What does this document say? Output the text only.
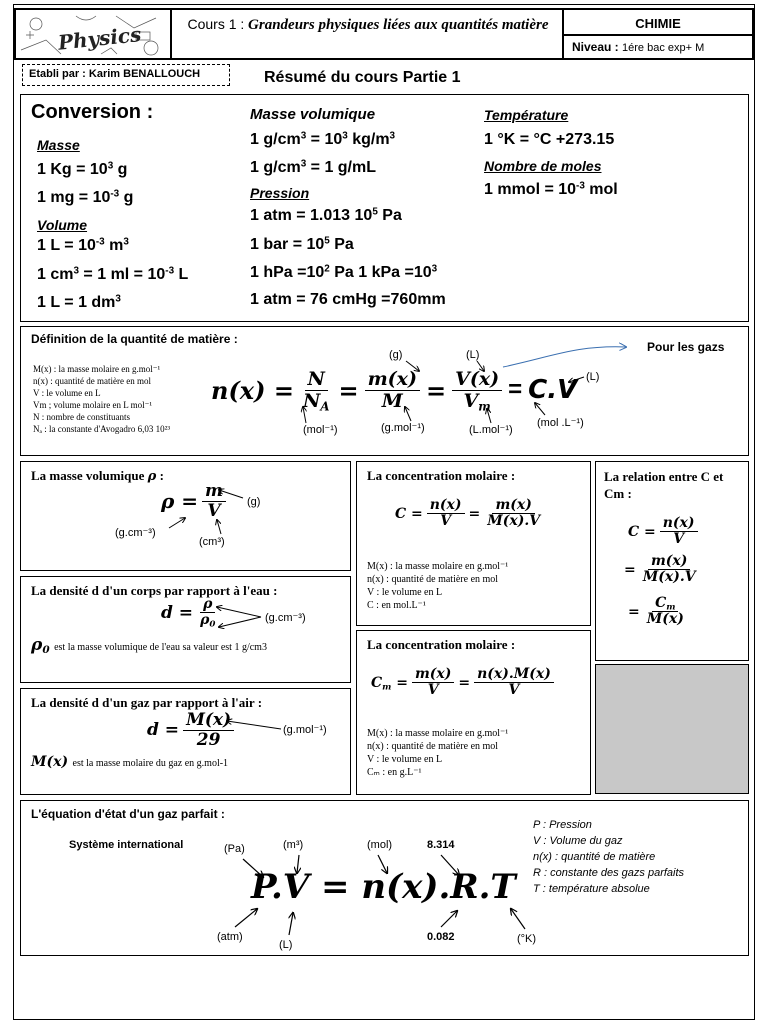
Physics	Cours 1 : Grandeurs physiques liées aux quantités matière	CHIMIE
Niveau : 1ére bac exp+ M
Etabli par : Karim BENALLOUCH	Résumé du cours Partie 1
Conversion :
Masse
1 $Kg = 10^3$ g
1 mg = $10^{-3}$ g
Volume
1 $L = 10^{-3}$ $m^3$
1 $cm^3 = 1$ ml = $10^{-3}$ L
1 L = 1 $dm^3$
Masse volumique
1 $g/cm^3 = 10^3$ $kg/m^3$
1 $g/cm^3 = 1$ g/mL
Pression
1 atm = 1.013 $10^5$ Pa
1 bar = $10^5$ Pa
1 hPa $=10^2$ Pa 1 kPa $=10^3$
1 atm = 76 cmHg =760mm
Température
1 °K = °C +273.15
Nombre de moles
1 mmol = $10^{-3}$ mol
Définition de la quantité de matière :
M(x) : la masse molaire en g.mol⁻¹
n(x) : quantité de matière en mol
V : le volume en L
Vm ; volume molaire en L mol⁻¹
N : nombre de constituants
Nₐ : la constante d'Avogadro 6,03 10²³
Pour les gazs
$n(x) = \frac{N}{N_A} = \frac{m(x)}{M} = \frac{V(x)}{V_m} = C.V$
(g)	(L)
(L)
(mol⁻¹)	(g.mol⁻¹)	(L.mol⁻¹)
(mol .L⁻¹)
La masse volumique ρ :
$\rho = \frac{m}{V} (g)$
(g.cm⁻³)
(cm³)
La densité d d'un corps par rapport à l'eau :
$d = \frac{\rho}{\rho_0}$	(g.cm⁻³)
$\rho_0$ est la masse volumique de l'eau sa valeur est 1 g/cm3
La densité d d'un gaz par rapport à l'air :
$d = \frac{M(x)}{29}$	(g.mol⁻¹)
M(x) est la masse molaire du gaz en g.mol-1
La concentration molaire :
$C = \frac{n(x)}{V} = \frac{m(x)}{M(x).V}$
M(x) : la masse molaire en g.mol⁻¹
n(x) : quantité de matière en mol
V : le volume en L
C : en mol.L⁻¹
La concentration molaire :
$C_m = \frac{m(x)}{V} = \frac{n(x).M(x)}{V}$
M(x) : la masse molaire en g.mol⁻¹
n(x) : quantité de matière en mol
V : le volume en L
Cₘ : en g.L⁻¹
La relation entre C et Cm :
$C = \frac{n(x)}{V}$
= $\frac{m(x)}{M(x).V}$
= $\frac{C_m}{M(x)}$
L'équation d'état d'un gaz parfait :
Système international
P.V = n(x).R.T
(Pa)	(m³)	(mol)	8.314
(atm)
(L)
0.082	(°K)
P : Pression
V : Volume du gaz
n(x) : quantité de matière
R : constante des gazs parfaits
T : température absolue
